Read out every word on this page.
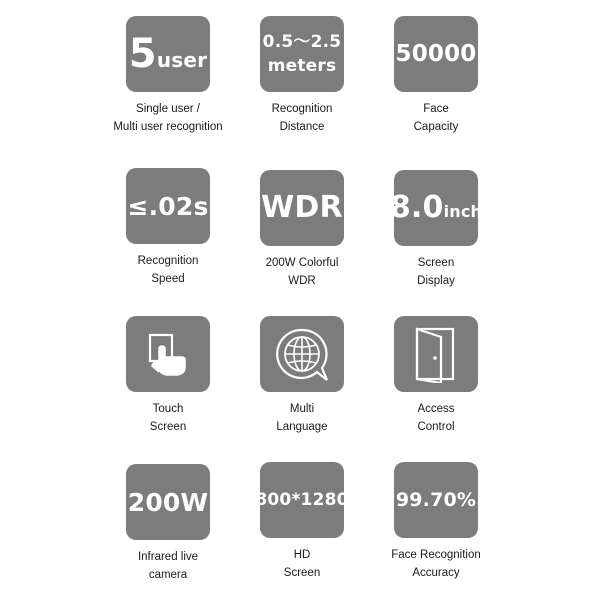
5user
Single user /
Multi user recognition
0.5～2.5
meters
Recognition
Distance
50000
Face
Capacity
≤.02s
Recognition
Speed
WDR
200W Colorful
WDR
8.0inch
Screen
Display
Touch
Screen
Multi
Language
Access
Control
200W
Infrared live
camera
800*1280
HD
Screen
99.70%
Face Recognition
Accuracy
